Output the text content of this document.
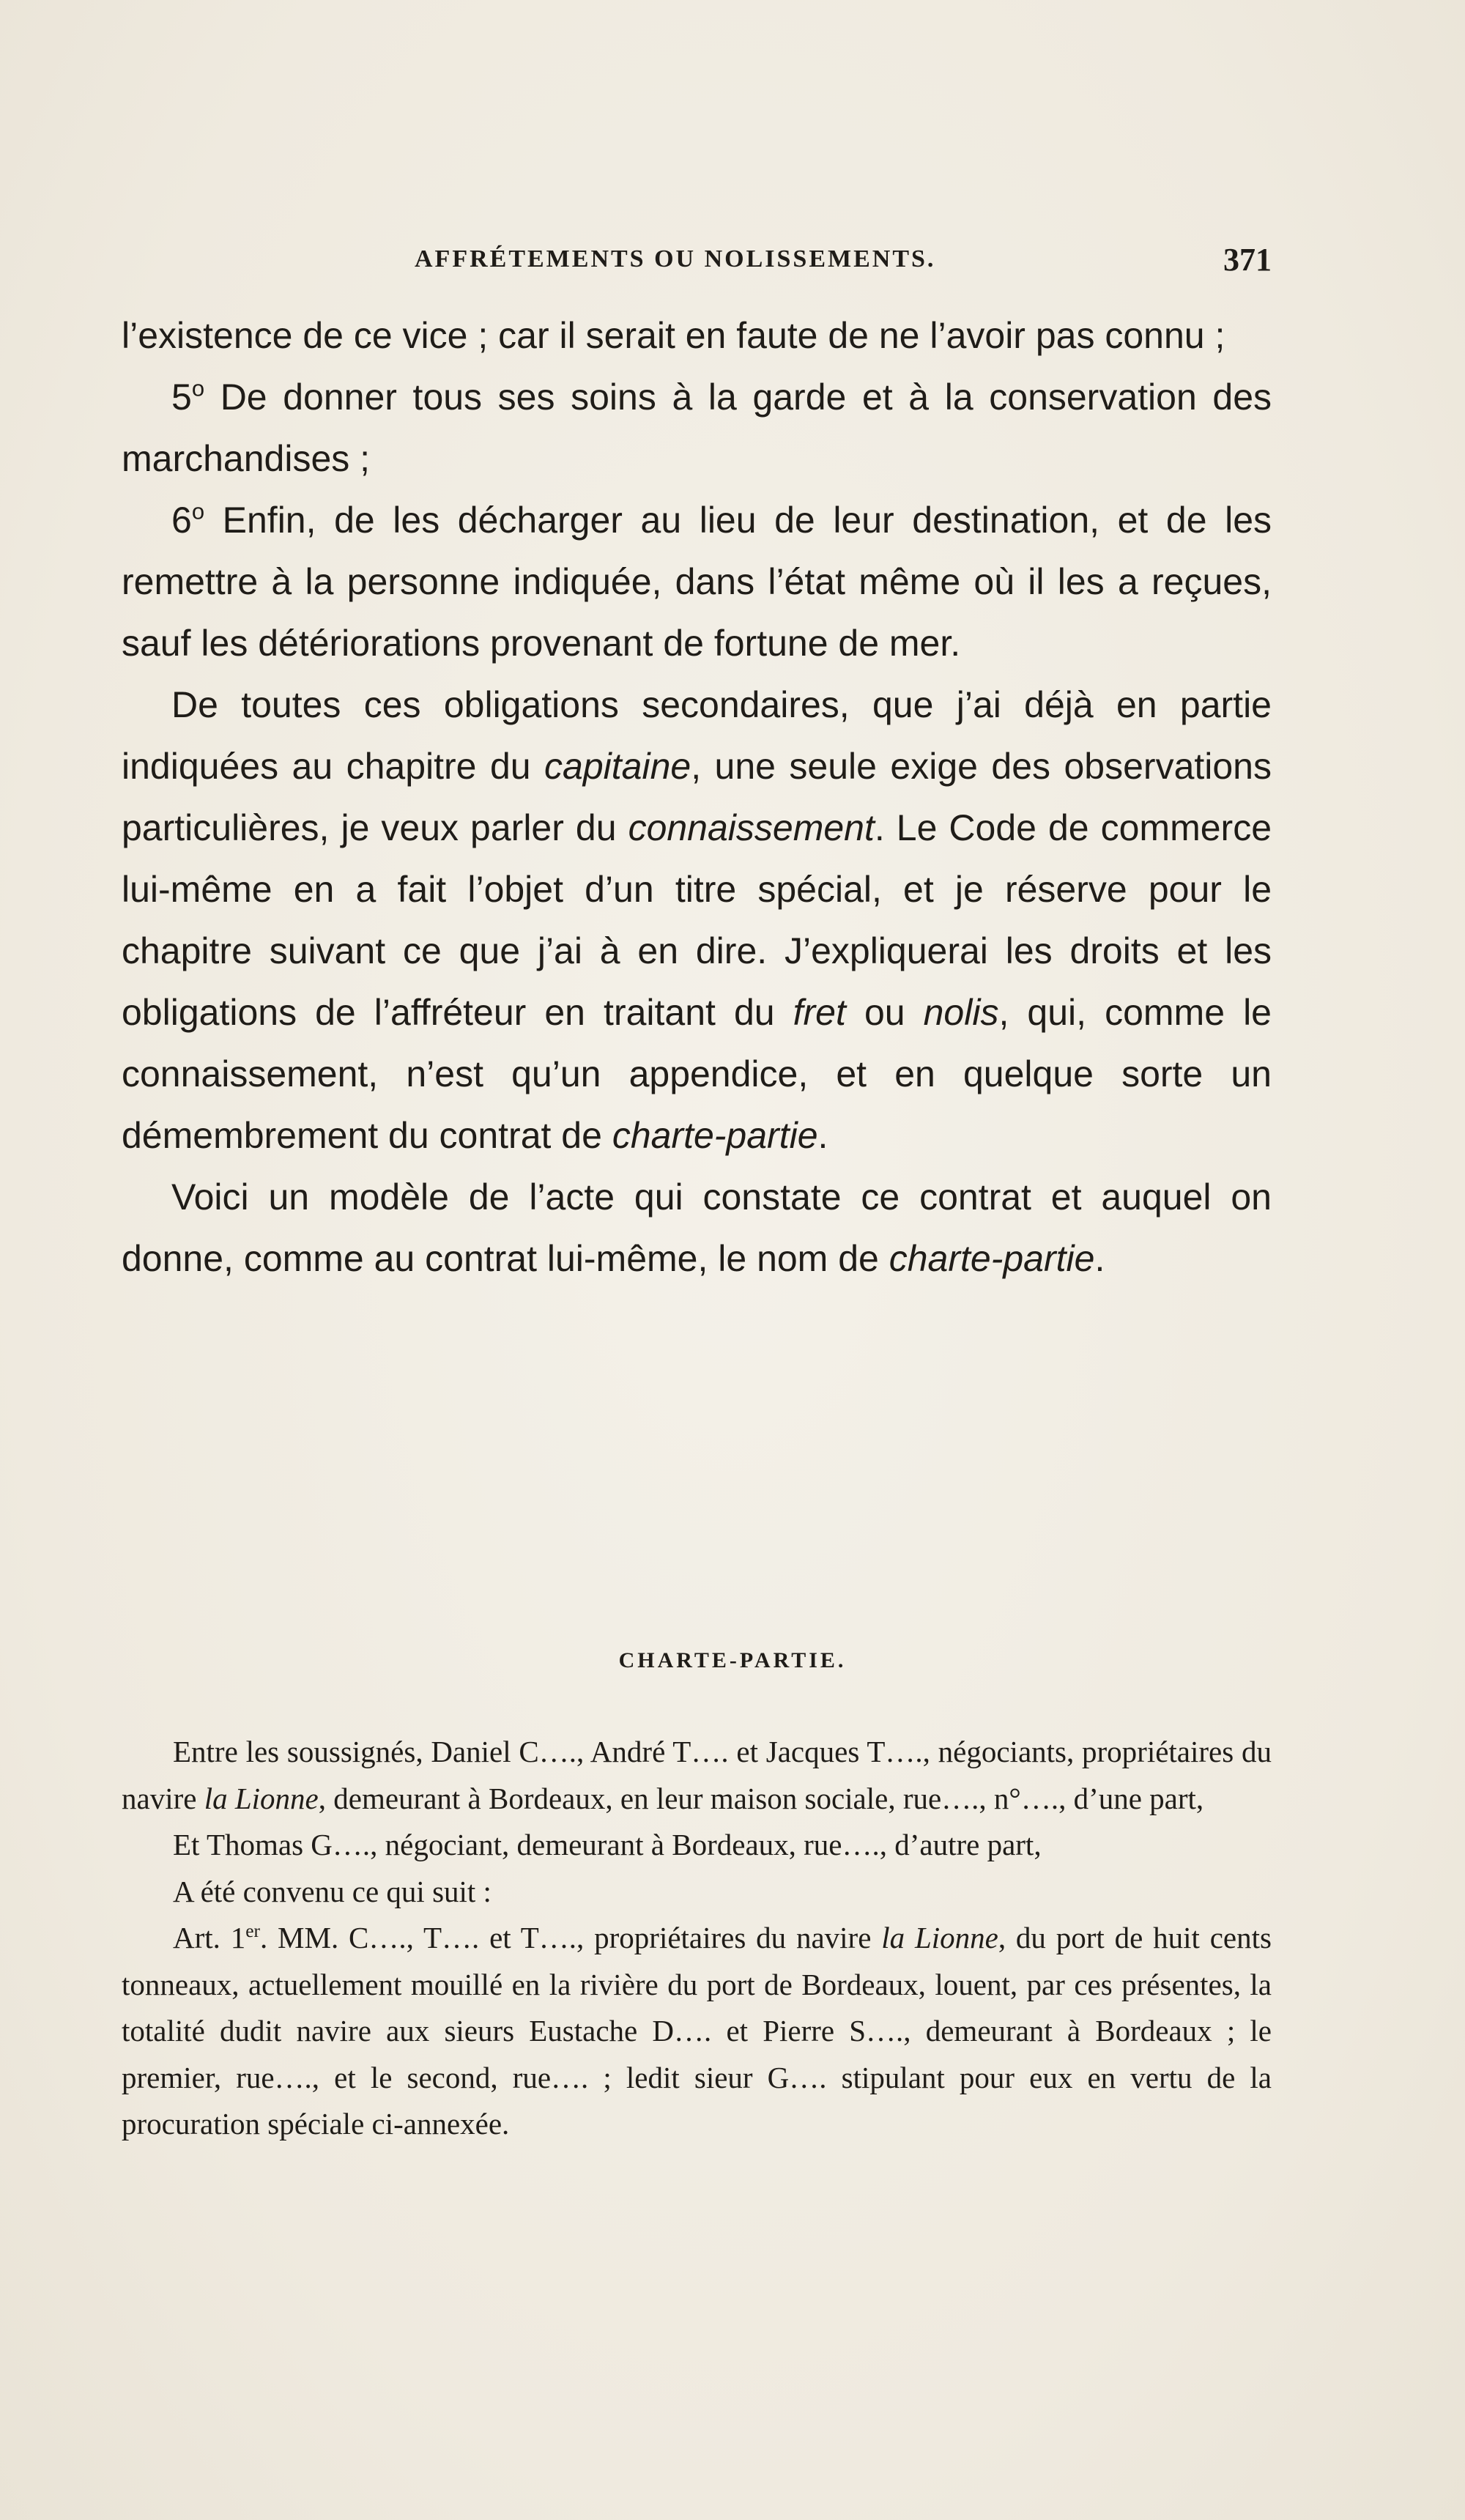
AFFRÉTEMENTS OU NOLISSEMENTS.	371

l’existence de ce vice ; car il serait en faute de ne l’avoir pas connu ;

5$^o$ De donner tous ses soins à la garde et à la conservation des marchandises ;

6$^o$ Enfin, de les décharger au lieu de leur destination, et de les remettre à la personne indiquée, dans l’état même où il les a reçues, sauf les détériorations provenant de fortune de mer.

De toutes ces obligations secondaires, que j’ai déjà en partie indiquées au chapitre du capitaine, une seule exige des observations particulières, je veux parler du connaissement. Le Code de commerce lui-même en a fait l’objet d’un titre spécial, et je réserve pour le chapitre suivant ce que j’ai à en dire. J’expliquerai les droits et les obligations de l’affréteur en traitant du fret ou nolis, qui, comme le connaissement, n’est qu’un appendice, et en quelque sorte un démembrement du contrat de charte-partie.

Voici un modèle de l’acte qui constate ce contrat et auquel on donne, comme au contrat lui-même, le nom de charte-partie.

CHARTE-PARTIE.

Entre les soussignés, Daniel C…., André T…. et Jacques T…., négociants, propriétaires du navire la Lionne, demeurant à Bordeaux, en leur maison sociale, rue…., n°…., d’une part,

Et Thomas G…., négociant, demeurant à Bordeaux, rue…., d’autre part,

A été convenu ce qui suit :

Art. 1er. MM. C…., T…. et T…., propriétaires du navire la Lionne, du port de huit cents tonneaux, actuellement mouillé en la rivière du port de Bordeaux, louent, par ces présentes, la totalité dudit navire aux sieurs Eustache D…. et Pierre S…., demeurant à Bordeaux ; le premier, rue…., et le second, rue…. ; ledit sieur G…. stipulant pour eux en vertu de la procuration spéciale ci-annexée.
